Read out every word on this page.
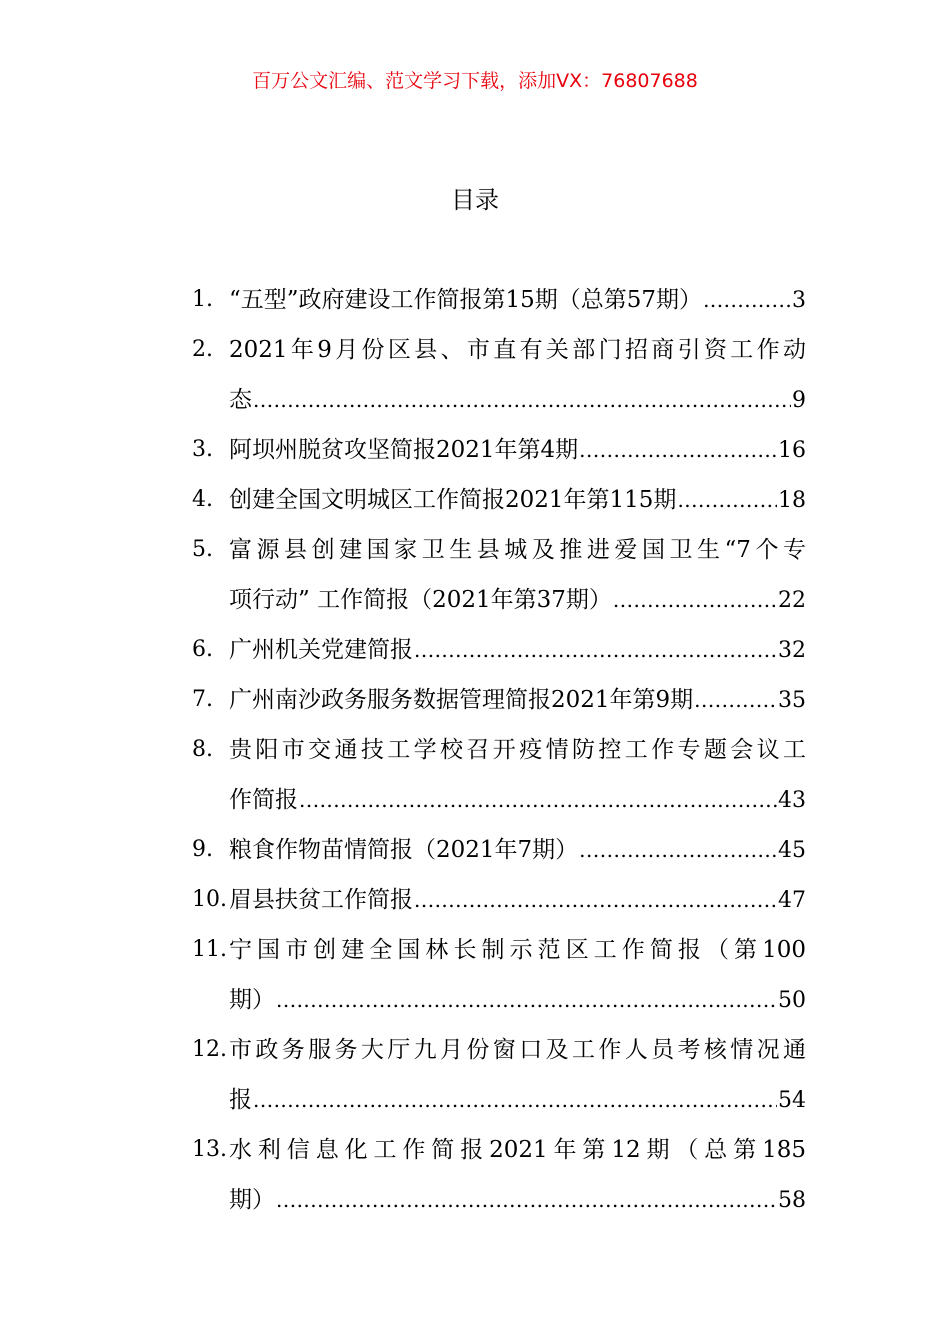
百万公文汇编、范文学习下载，添加VX：76807688
目录
1. “五型”政府建设工作简报第15期（总第57期） .....	3
2. 2021年9月份区县、市直有关部门招商引资工作动
态 .....	9
3. 阿坝州脱贫攻坚简报2021年第4期 .....	16
4. 创建全国文明城区工作简报2021年第115期 .....	18
5. 富源县创建国家卫生县城及推进爱国卫生“7个专
项行动” 工作简报（2021年第37期） .....	22
6. 广州机关党建简报 .....	32
7. 广州南沙政务服务数据管理简报2021年第9期 .....	35
8. 贵阳市交通技工学校召开疫情防控工作专题会议工
作简报 .....	43
9. 粮食作物苗情简报（2021年7期） .....	45
10. 眉县扶贫工作简报 .....	47
11. 宁国市创建全国林长制示范区工作简报（第100
期） .....	50
12. 市政务服务大厅九月份窗口及工作人员考核情况通
报 .....	54
13. 水利信息化工作简报2021年第12期（总第185
期） .....	58
